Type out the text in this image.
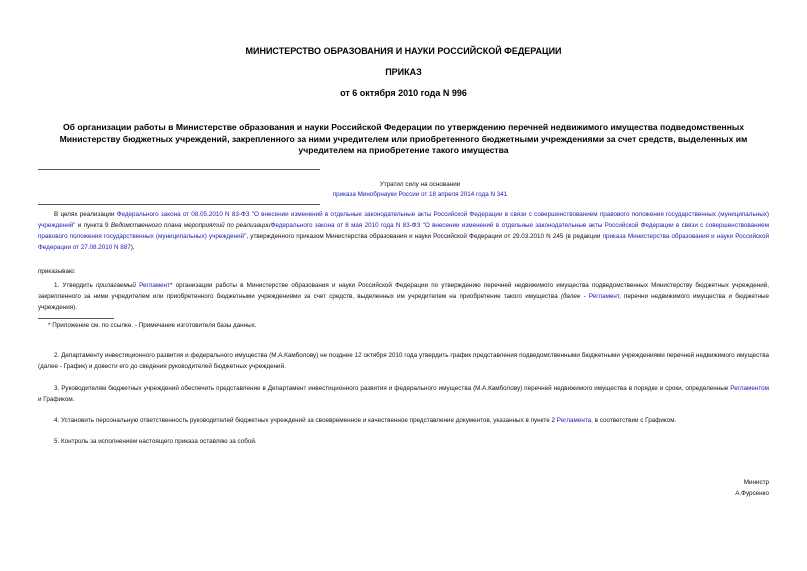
МИНИСТЕРСТВО ОБРАЗОВАНИЯ И НАУКИ РОССИЙСКОЙ ФЕДЕРАЦИИ
ПРИКАЗ
от 6 октября 2010 года N 996
Об организации работы в Министерстве образования и науки Российской Федерации по утверждению перечней недвижимого имущества подведомственных Министерству бюджетных учреждений, закрепленного за ними учредителем или приобретенного бюджетными учреждениями за счет средств, выделенных им учредителем на приобретение такого имущества
Утратил силу на основании
приказа Минобрнауки России от 18 апреля 2014 года N 341
В целях реализации Федерального закона от 08.05.2010 N 83-ФЗ "О внесении изменений в отдельные законодательные акты Российской Федерации в связи с совершенствованием правового положения государственных (муниципальных) учреждений" и пункта 9 Ведомственного плана мероприятий по реализацииФедерального закона от 8 мая 2010 года N 83-ФЗ "О внесении изменений в отдельные законодательные акты Российской Федерации в связи с совершенствованием правового положения государственных (муниципальных) учреждений", утвержденного приказом Министерства образования и науки Российской Федерации от 29.03.2010 N 245 (в редакции приказа Министерства образования и науки Российской Федерации от 27.08.2010 N 887),
приказываю:
1. Утвердить прилагаемый Регламент* организации работы в Министерстве образования и науки Российской Федерации по утверждению перечней недвижимого имущества подведомственных Министерству бюджетных учреждений, закрепленного за ними учредителем или приобретенного бюджетными учреждениями за счет средств, выделенных им учредителем на приобретение такого имущества (далее - Регламент, перечни недвижимого имущества и бюджетные учреждения).
* Приложение см. по ссылке. - Примечание изготовителя базы данных.
2. Департаменту инвестиционного развития и федерального имущества (М.А.Камболову) не позднее 12 октября 2010 года утвердить график представления подведомственными бюджетными учреждениями перечней недвижимого имущества (далее - График) и довести его до сведения руководителей бюджетных учреждений.
3. Руководителям бюджетных учреждений обеспечить представление в Департамент инвестиционного развития и федерального имущества (М.А.Камболову) перечней недвижимого имущества в порядке и сроки, определенные Регламентом и Графиком.
4. Установить персональную ответственность руководителей бюджетных учреждений за своевременное и качественное представление документов, указанных в пункте 2 Регламента, в соответствии с Графиком.
5. Контроль за исполнением настоящего приказа оставляю за собой.
Министр
А.Фурсенко
